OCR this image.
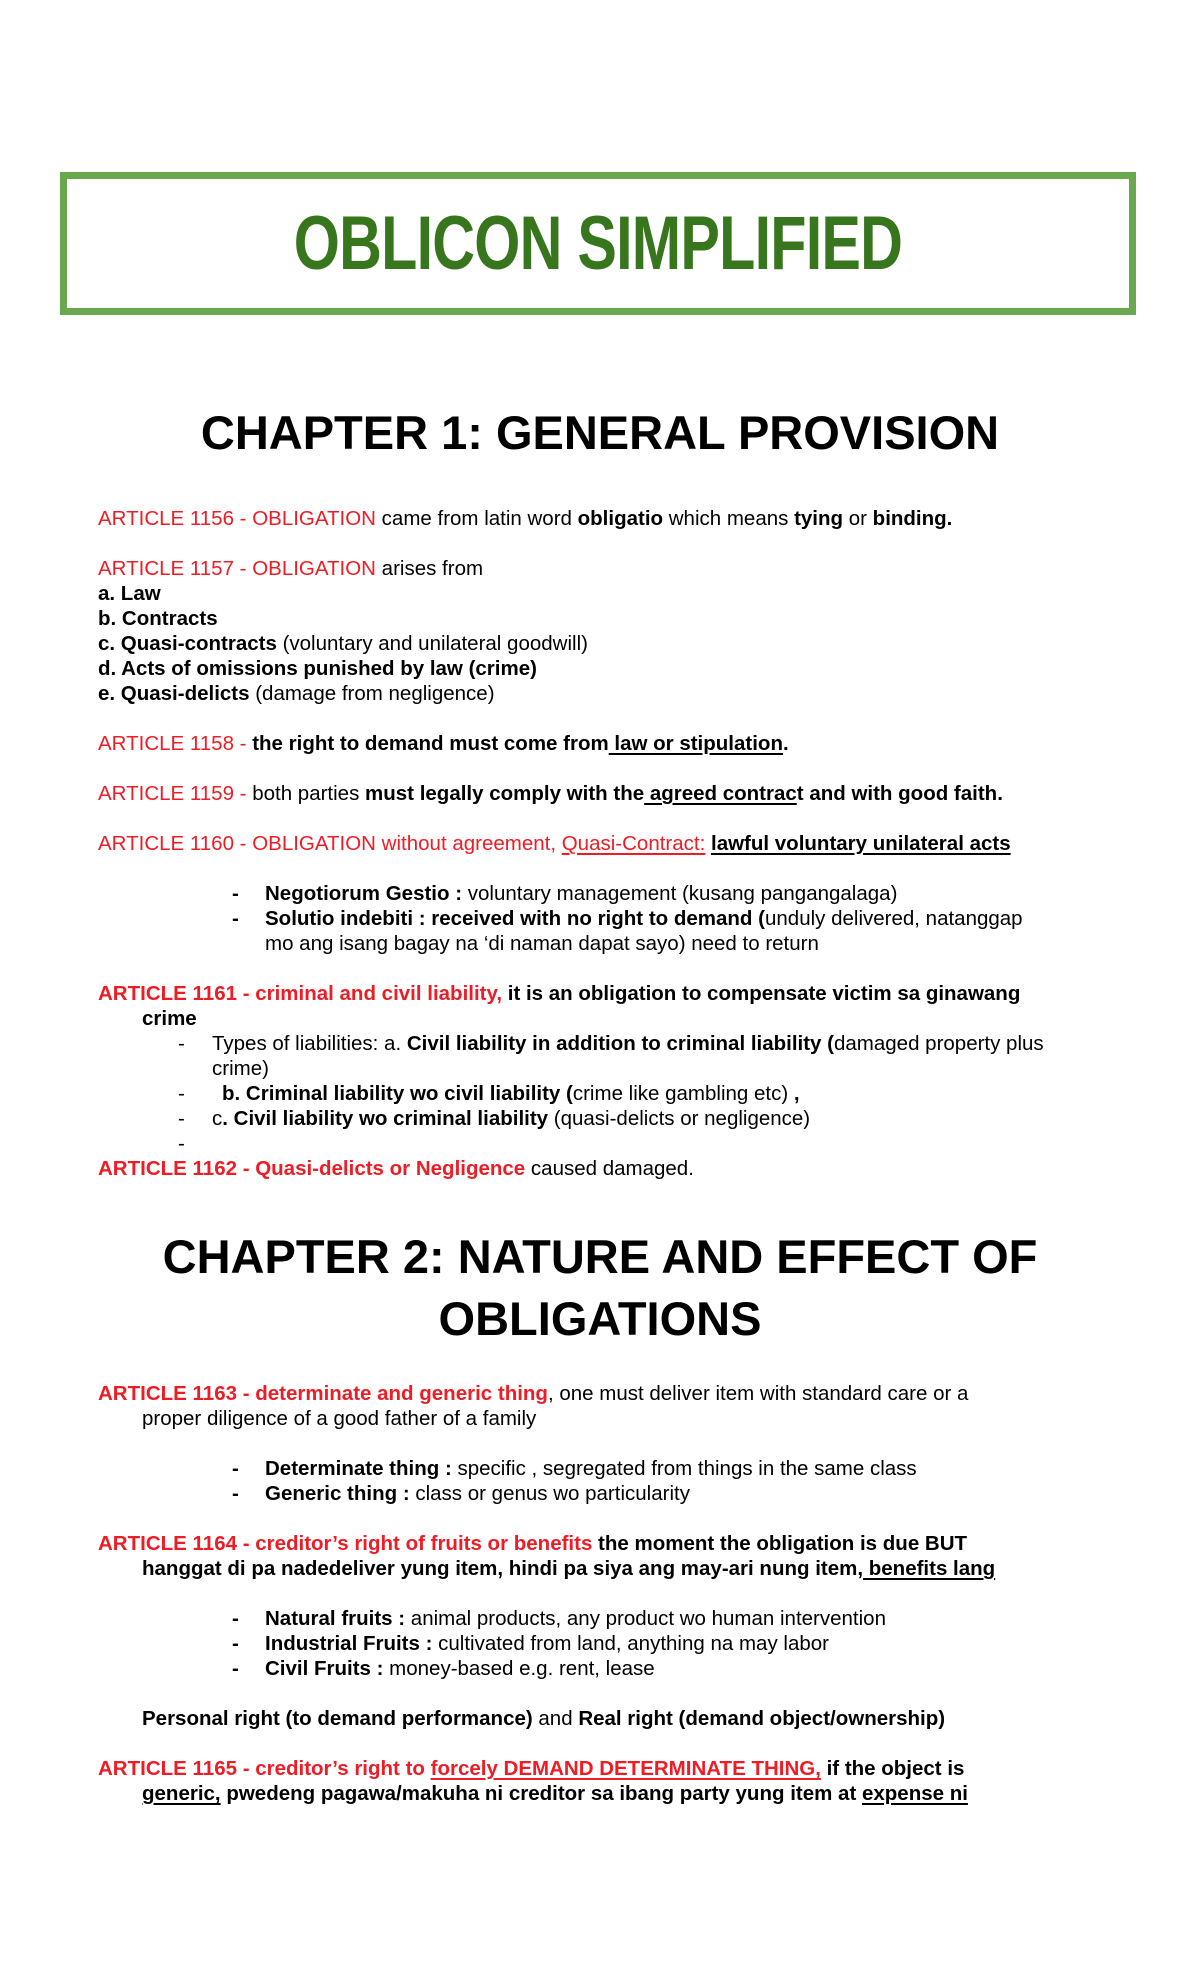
OBLICON SIMPLIFIED
CHAPTER 1: GENERAL PROVISION
ARTICLE 1156 - OBLIGATION came from latin word obligatio which means tying or binding.
ARTICLE 1157 - OBLIGATION arises from
a. Law
b. Contracts
c. Quasi-contracts (voluntary and unilateral goodwill)
d. Acts of omissions punished by law (crime)
e. Quasi-delicts (damage from negligence)
ARTICLE 1158 - the right to demand must come from law or stipulation.
ARTICLE 1159 - both parties must legally comply with the agreed contract and with good faith.
ARTICLE 1160 - OBLIGATION without agreement, Quasi-Contract: lawful voluntary unilateral acts
- Negotiorum Gestio : voluntary management (kusang pangangalaga)
- Solutio indebiti : received with no right to demand (unduly delivered, natanggap
mo ang isang bagay na ‘di naman dapat sayo) need to return
ARTICLE 1161 - criminal and civil liability, it is an obligation to compensate victim sa ginawang
crime
- Types of liabilities: a. Civil liability in addition to criminal liability (damaged property plus
crime)
- b. Criminal liability wo civil liability (crime like gambling etc) ,
- c. Civil liability wo criminal liability (quasi-delicts or negligence)
-
ARTICLE 1162 - Quasi-delicts or Negligence caused damaged.
CHAPTER 2: NATURE AND EFFECT OF
OBLIGATIONS
ARTICLE 1163 - determinate and generic thing, one must deliver item with standard care or a
proper diligence of a good father of a family
- Determinate thing : specific , segregated from things in the same class
- Generic thing : class or genus wo particularity
ARTICLE 1164 - creditor’s right of fruits or benefits the moment the obligation is due BUT
hanggat di pa nadedeliver yung item, hindi pa siya ang may-ari nung item, benefits lang
- Natural fruits : animal products, any product wo human intervention
- Industrial Fruits : cultivated from land, anything na may labor
- Civil Fruits : money-based e.g. rent, lease
Personal right (to demand performance) and Real right (demand object/ownership)
ARTICLE 1165 - creditor’s right to forcely DEMAND DETERMINATE THING, if the object is
generic, pwedeng pagawa/makuha ni creditor sa ibang party yung item at expense ni
